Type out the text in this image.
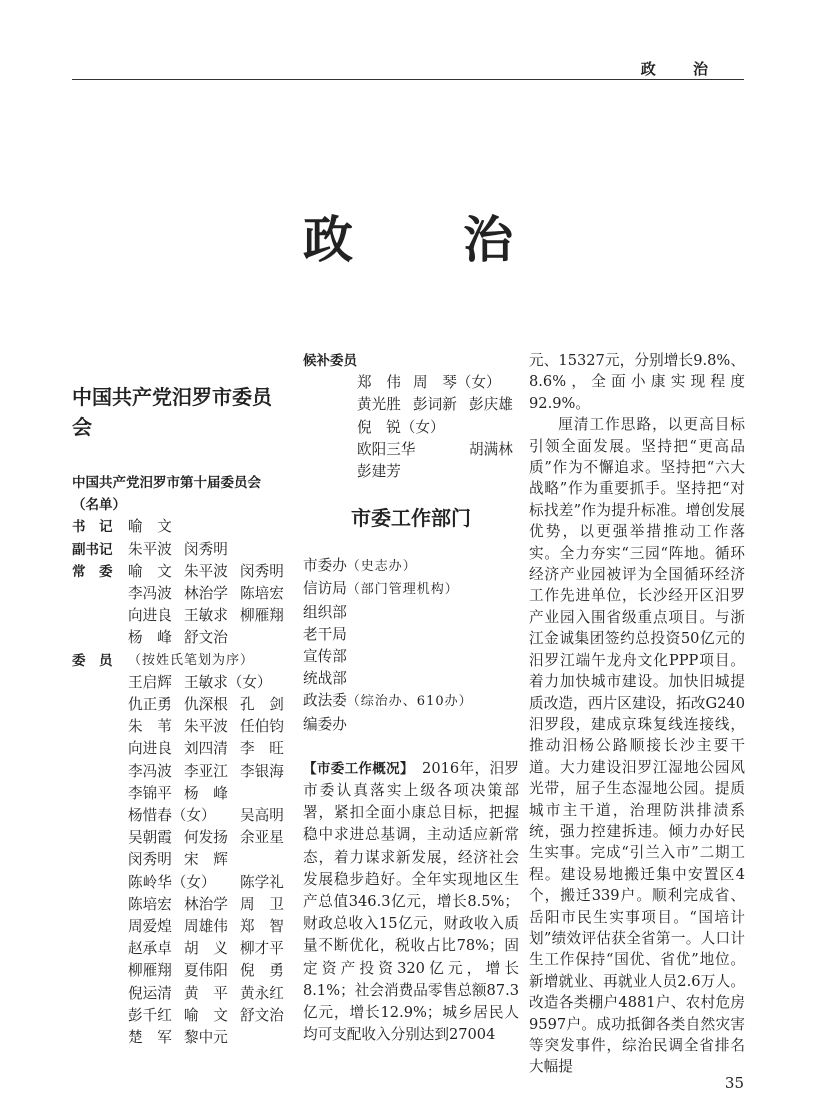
政 治
政治
中国共产党汨罗市委员会
中国共产党汨罗市第十届委员会
（名单）
书　记	喻　文
副书记	朱平波 闵秀明
常　委	喻　文 朱平波 闵秀明
李冯波 林治学 陈培宏
向进良 王敏求 柳雁翔
杨　峰 舒文治
委　员	（按姓氏笔划为序）
王启辉 王敏求（女）
仇正勇 仇深根 孔　剑
朱　苇 朱平波 任伯钧
向进良 刘四清 李　旺
李冯波 李亚江 李银海
李锦平 杨　峰
杨惜春（女） 吴高明
吴朝霞 何发扬 余亚星
闵秀明 宋　辉
陈岭华（女） 陈学礼
陈培宏 林治学 周　卫
周爱煌 周雄伟 郑　智
赵承卓 胡　义 柳才平
柳雁翔 夏伟阳 倪　勇
倪运清 黄　平 黄永红
彭千红 喻　文 舒文治
楚　军 黎中元
候补委员
郑　伟 周　琴（女）
黄光胜 彭词新 彭庆雄
倪　锐（女）
欧阳三华	胡满林
彭建芳
市委工作部门
市委办（史志办）
信访局（部门管理机构）
组织部
老干局
宣传部
统战部
政法委（综治办、610办）
编委办

【市委工作概况】　2016年，汨罗市委认真落实上级各项决策部署，紧扣全面小康总目标，把握稳中求进总基调，主动适应新常态，着力谋求新发展，经济社会发展稳步趋好。全年实现地区生产总值346.3亿元，增长8.5%；财政总收入15亿元，财政收入质量不断优化，税收占比78%；固定资产投资320亿元，增长8.1%；社会消费品零售总额87.3亿元，增长12.9%；城乡居民人均可支配收入分别达到27004

元、15327元，分别增长9.8%、8.6%，全面小康实现程度92.9%。

厘清工作思路，以更高目标引领全面发展。坚持把“更高品质”作为不懈追求。坚持把“六大战略”作为重要抓手。坚持把“对标找差”作为提升标准。增创发展优势，以更强举措推动工作落实。全力夯实“三园“阵地。循环经济产业园被评为全国循环经济工作先进单位，长沙经开区汨罗产业园入围省级重点项目。与浙江金诚集团签约总投资50亿元的汨罗江端午龙舟文化PPP项目。着力加快城市建设。加快旧城提质改造，西片区建设，拓改G240汨罗段，建成京珠复线连接线，推动汨杨公路顺接长沙主要干道。大力建设汨罗江湿地公园风光带，屈子生态湿地公园。提质城市主干道，治理防洪排渍系统，强力控建拆违。倾力办好民生实事。完成“引兰入市”二期工程。建设易地搬迁集中安置区4个，搬迁339户。顺利完成省、岳阳市民生实事项目。“国培计划”绩效评估获全省第一。人口计生工作保持“国优、省优”地位。新增就业、再就业人员2.6万人。改造各类棚户4881户、农村危房9597户。成功抵御各类自然灾害等突发事件，综治民调全省排名大幅提

35
